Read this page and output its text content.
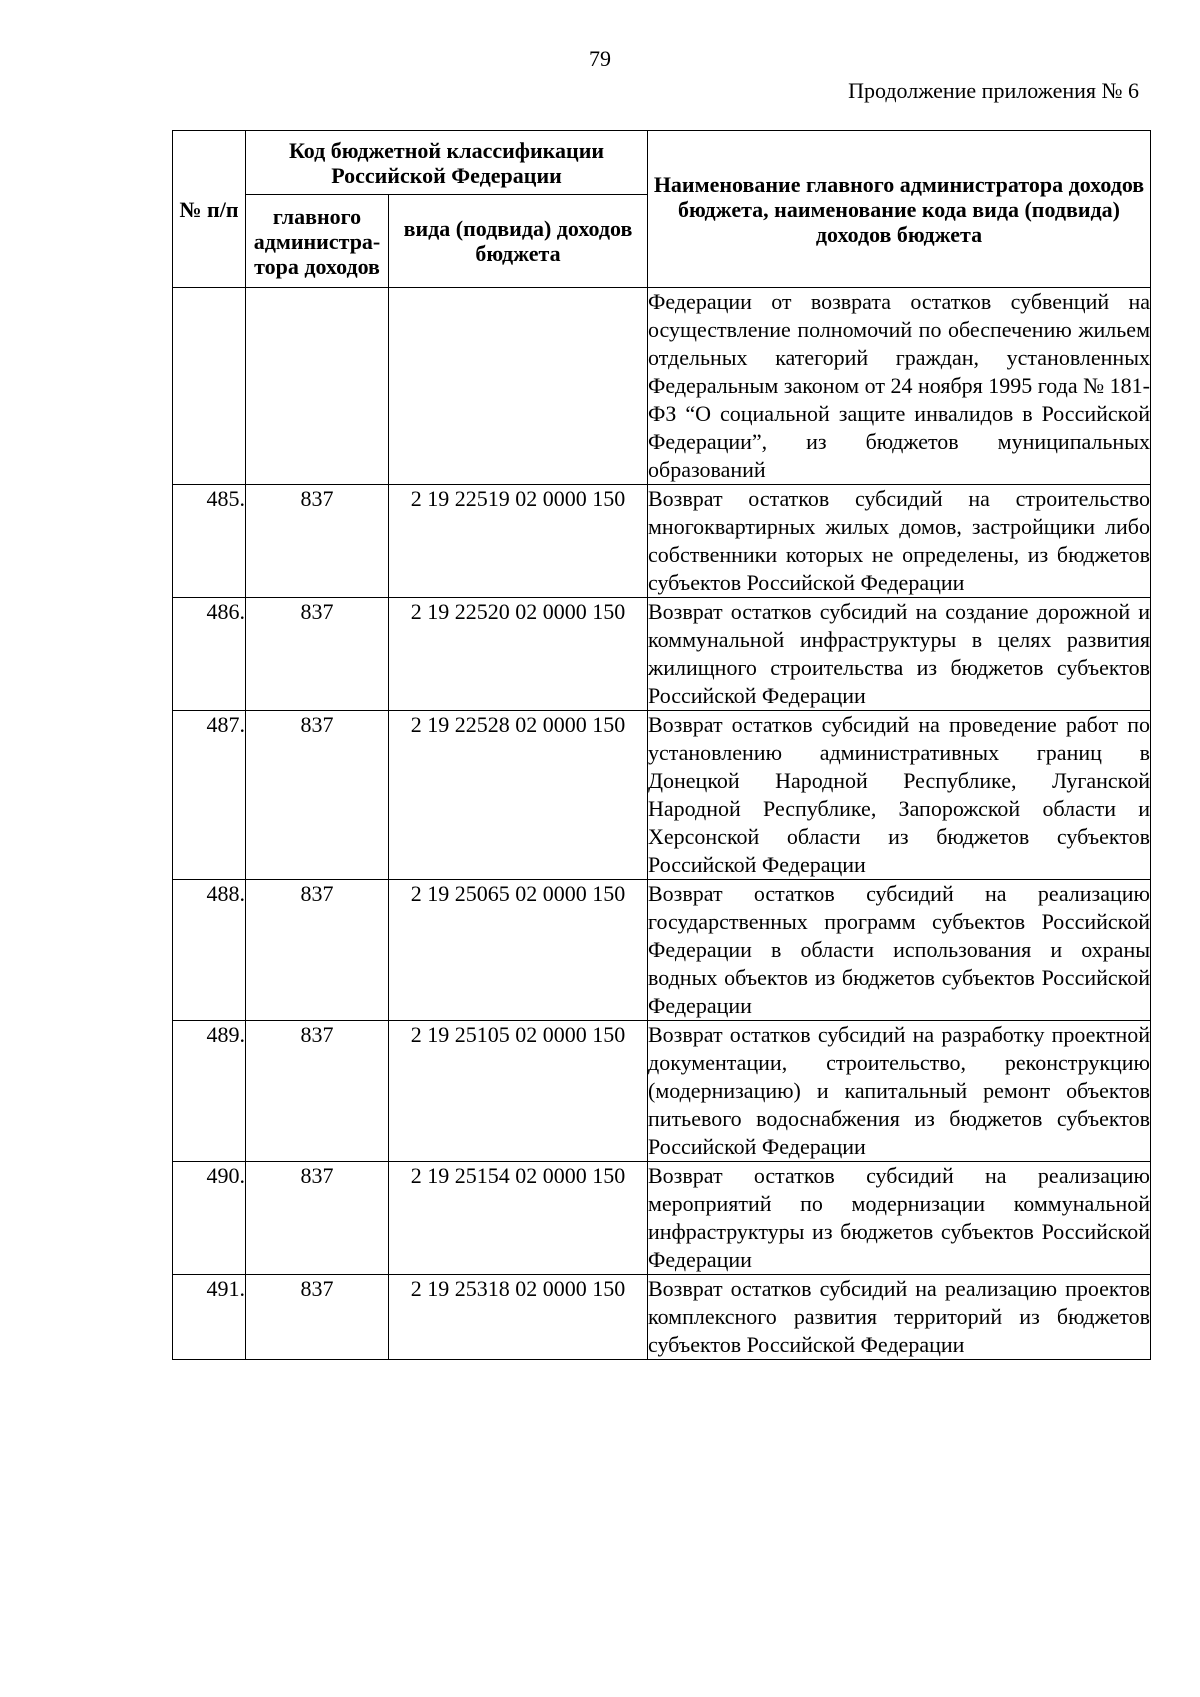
79
Продолжение приложения № 6
№ п/п	Код бюджетной классификации Российской Федерации		Наименование главного администратора доходов бюджета, наименование кода вида (подвида) доходов бюджета
	главного администра-тора доходов	вида (подвида) доходов бюджета	
			Федерации от возврата остатков субвенций на осуществление полномочий по обеспечению жильем отдельных категорий граждан, установленных Федеральным законом от 24 ноября 1995 года № 181-ФЗ “О социальной защите инвалидов в Российской Федерации”, из бюджетов муниципальных образований
485.	837	2 19 22519 02 0000 150	Возврат остатков субсидий на строительство многоквартирных жилых домов, застройщики либо собственники которых не определены, из бюджетов субъектов Российской Федерации
486.	837	2 19 22520 02 0000 150	Возврат остатков субсидий на создание дорожной и коммунальной инфраструктуры в целях развития жилищного строительства из бюджетов субъектов Российской Федерации
487.	837	2 19 22528 02 0000 150	Возврат остатков субсидий на проведение работ по установлению административных границ в Донецкой Народной Республике, Луганской Народной Республике, Запорожской области и Херсонской области из бюджетов субъектов Российской Федерации
488.	837	2 19 25065 02 0000 150	Возврат остатков субсидий на реализацию государственных программ субъектов Российской Федерации в области использования и охраны водных объектов из бюджетов субъектов Российской Федерации
489.	837	2 19 25105 02 0000 150	Возврат остатков субсидий на разработку проектной документации, строительство, реконструкцию (модернизацию) и капитальный ремонт объектов питьевого водоснабжения из бюджетов субъектов Российской Федерации
490.	837	2 19 25154 02 0000 150	Возврат остатков субсидий на реализацию мероприятий по модернизации коммунальной инфраструктуры из бюджетов субъектов Российской Федерации
491.	837	2 19 25318 02 0000 150	Возврат остатков субсидий на реализацию проектов комплексного развития территорий из бюджетов субъектов Российской Федерации
